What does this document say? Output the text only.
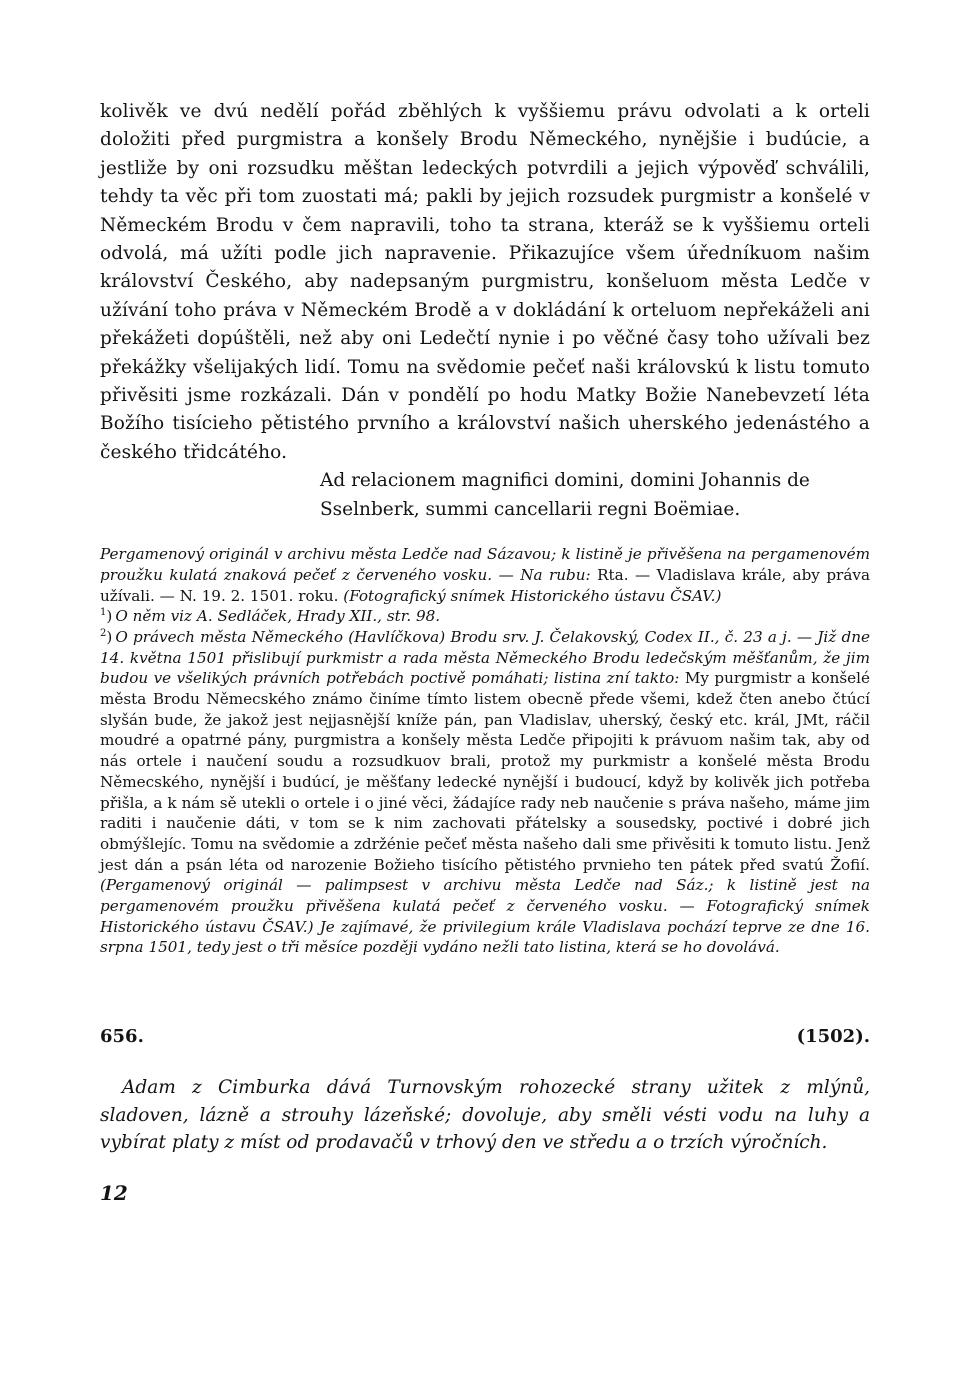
kolivěk ve dvú nedělí pořád zběhlých k vyššiemu právu odvolati a k orteli doložiti před purgmistra a konšely Brodu Německého, nynějšie i budúcie, a jestliže by oni rozsudku měštan ledeckých potvrdili a jejich výpověď schválili, tehdy ta věc při tom zuostati má; pakli by jejich rozsudek purgmistr a konšelé v Německém Brodu v čem napravili, toho ta strana, kteráž se k vyššiemu orteli odvolá, má užíti podle jich napravenie. Přikazujíce všem úředníkuom našim království Českého, aby nadepsaným purgmistru, konšeluom města Ledče v užívání toho práva v Německém Brodě a v dokládání k orteluom nepřekáželi ani překážeti dopúštěli, než aby oni Ledečtí nynie i po věčné časy toho užívali bez překážky všelijakých lidí. Tomu na svědomie pečeť naši královskú k listu tomuto přivěsiti jsme rozkázali. Dán v pondělí po hodu Matky Božie Nanebevzetí léta Božího tisícieho pětistého prvního a království našich uherského jedenástého a českého třidcátého.

Ad relacionem magnifici domini, domini Johannis de Sselnberk, summi cancellarii regni Boëmiae.

Pergamenový originál v archivu města Ledče nad Sázavou; k listině je přivěšena na pergamenovém proužku kulatá znaková pečeť z červeného vosku. — Na rubu: Rta. — Vladislava krále, aby práva užívali. — N. 19. 2. 1501. roku. (Fotografický snímek Historického ústavu ČSAV.)

$^1$) O něm viz A. Sedláček, Hrady XII., str. 98.

$^2$) O právech města Německého (Havlíčkova) Brodu srv. J. Čelakovský, Codex II., č. 23 a j. — Již dne 14. května 1501 přislibují purkmistr a rada města Německého Brodu ledečským měšťanům, že jim budou ve všelikých právních potřebách poctivě pomáhati; listina zní takto: My purgmistr a konšelé města Brodu Němecského známo činíme tímto listem obecně přede všemi, kdež čten anebo čtúcí slyšán bude, že jakož jest nejjasnější kníže pán, pan Vladislav, uherský, český etc. král, JMt, ráčil moudré a opatrné pány, purgmistra a konšely města Ledče připojiti k právuom našim tak, aby od nás ortele i naučení soudu a rozsudkuov brali, protož my purkmistr a konšelé města Brodu Němecského, nynější i budúcí, je měšťany ledecké nynější i budoucí, když by kolivěk jich potřeba přišla, a k nám sě utekli o ortele i o jiné věci, žádajíce rady neb naučenie s práva našeho, máme jim raditi i naučenie dáti, v tom se k nim zachovati přátelsky a sousedsky, poctivé i dobré jich obmýšlejíc. Tomu na svědomie a zdržénie pečeť města našeho dali sme přivěsiti k tomuto listu. Jenž jest dán a psán léta od narozenie Božieho tisícího pětistého prvnieho ten pátek před svatú Žofií. (Pergamenový originál — palimpsest v archivu města Ledče nad Sáz.; k listině jest na pergamenovém proužku přivěšena kulatá pečeť z červeného vosku. — Fotografický snímek Historického ústavu ČSAV.) Je zajímavé, že privilegium krále Vladislava pochází teprve ze dne 16. srpna 1501, tedy jest o tři měsíce později vydáno nežli tato listina, která se ho dovolává.

656.	(1502).

Adam z Cimburka dává Turnovským rohozecké strany užitek z mlýnů, sladoven, lázně a strouhy lázeňské; dovoluje, aby směli vésti vodu na luhy a vybírat platy z míst od prodavačů v trhový den ve středu a o trzích výročních.

12
